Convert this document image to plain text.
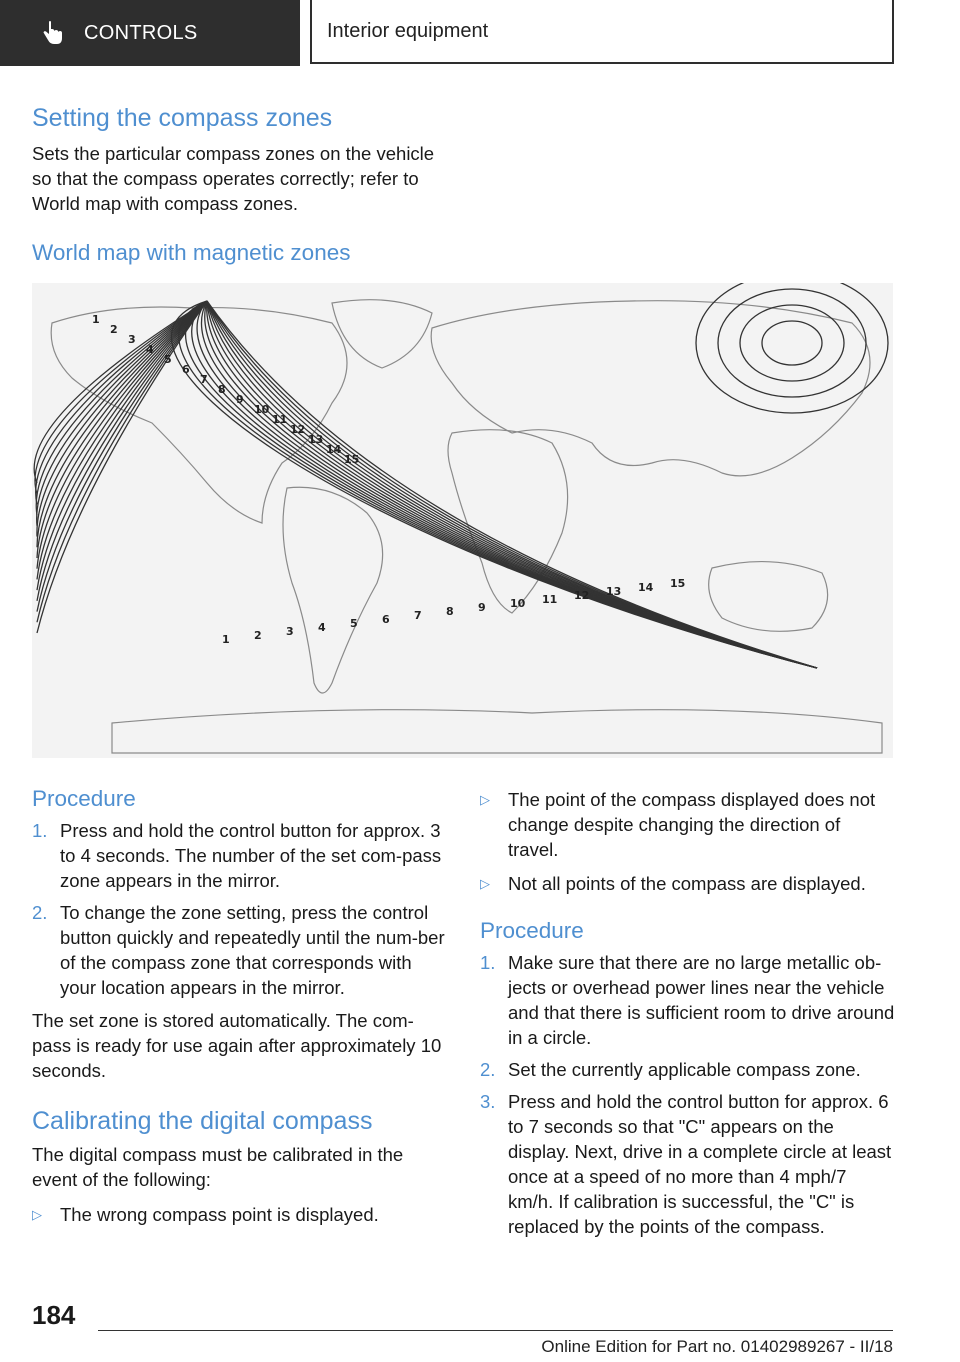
CONTROLS	Interior equipment
Setting the compass zones

Sets the particular compass zones on the vehicle so that the compass operates correctly; refer to World map with compass zones.

World map with magnetic zones
1
1
2
2
3
3
4
4
5
5
6
6
7
7
8
8
9
9
10
10
11
11
12
12
13
13
14
14
15
15
Procedure
1. Press and hold the control button for approx. 3 to 4 seconds. The number of the set com‐pass zone appears in the mirror.
2. To change the zone setting, press the control button quickly and repeatedly until the num‐ber of the compass zone that corresponds with your location appears in the mirror.

The set zone is stored automatically. The com‐pass is ready for use again after approximately 10 seconds.

Calibrating the digital compass

The digital compass must be calibrated in the event of the following:

▷ The wrong compass point is displayed.
▷ The point of the compass displayed does not change despite changing the direction of travel.
▷ Not all points of the compass are displayed.
Procedure
1. Make sure that there are no large metallic ob‐jects or overhead power lines near the vehicle and that there is sufficient room to drive around in a circle.
2. Set the currently applicable compass zone.
3. Press and hold the control button for approx. 6 to 7 seconds so that "C" appears on the display. Next, drive in a complete circle at least once at a speed of no more than 4 mph/7 km/h. If calibration is successful, the "C" is replaced by the points of the compass.
184
Online Edition for Part no. 01402989267 - II/18
